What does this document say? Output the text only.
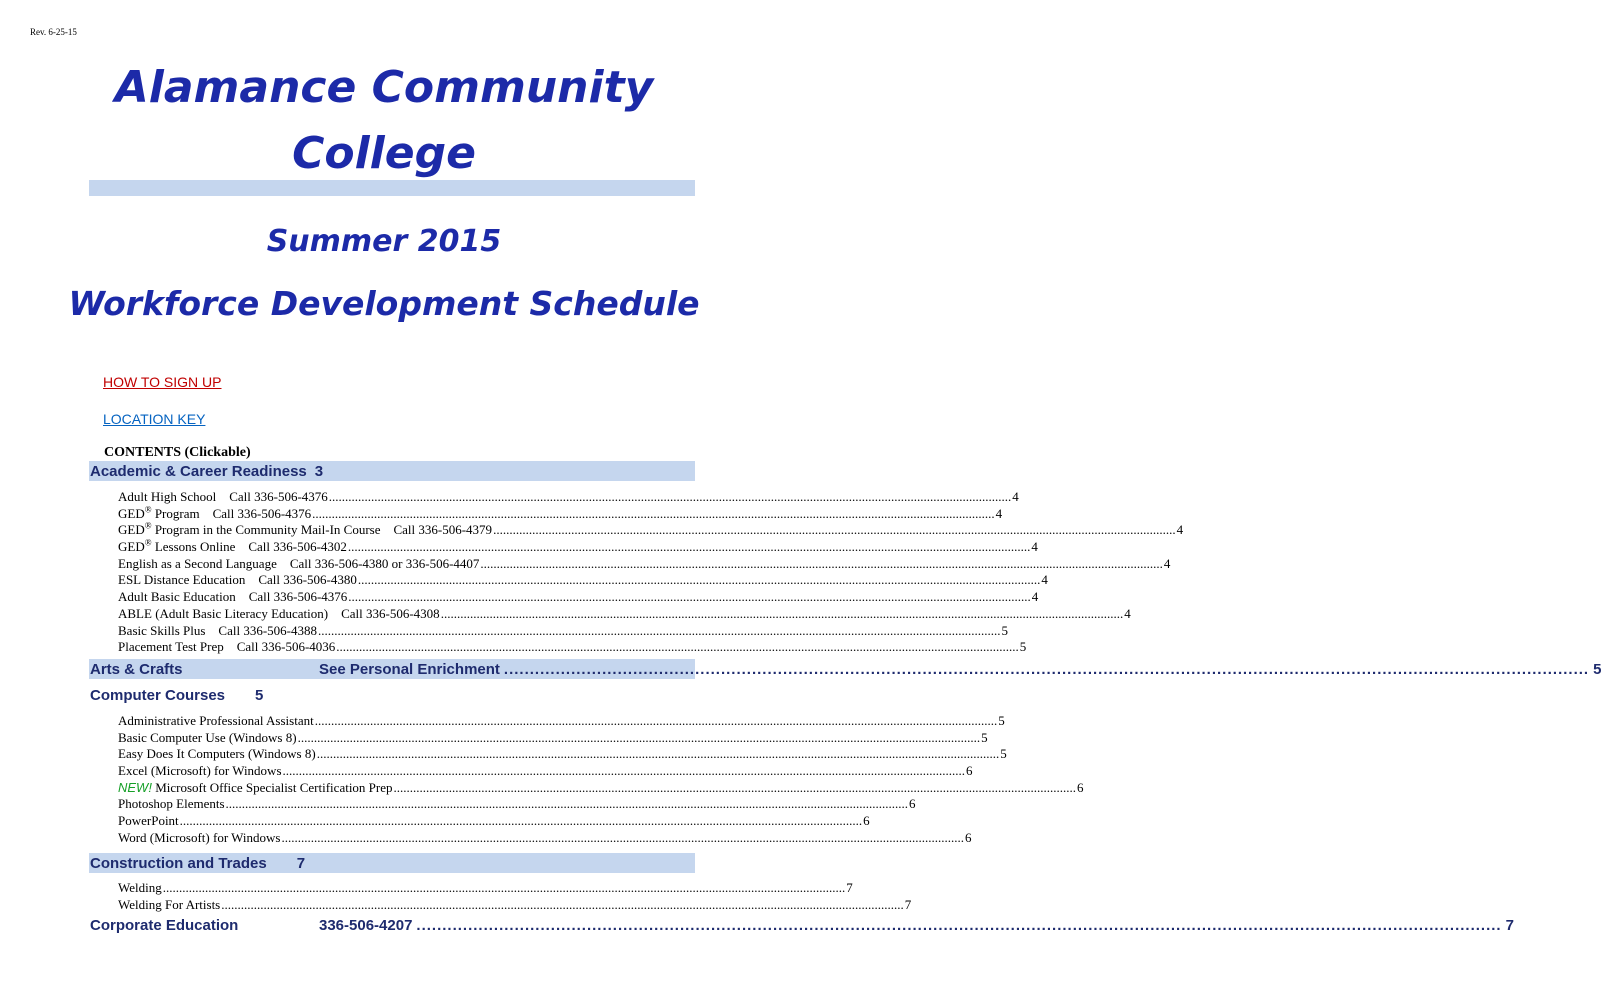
Rev. 6-25-15
Alamance Community
College
Summer 2015
Workforce Development Schedule
HOW TO SIGN UP
LOCATION KEY
CONTENTS (Clickable)
Academic & Career Readiness 3
Adult High School    Call 336-506-4376 .................................................................................................................................................................................................................. 4
GED® Program    Call 336-506-4376 .................................................................................................................................................................................................................. 4
GED® Program in the Community Mail-In Course    Call 336-506-4379 .................................................................................................................................................................................................................. 4
GED® Lessons Online    Call 336-506-4302 .................................................................................................................................................................................................................. 4
English as a Second Language    Call 336-506-4380 or 336-506-4407 .................................................................................................................................................................................................................. 4
ESL Distance Education    Call 336-506-4380 .................................................................................................................................................................................................................. 4
Adult Basic Education    Call 336-506-4376 .................................................................................................................................................................................................................. 4
ABLE (Adult Basic Literacy Education)    Call 336-506-4308 .................................................................................................................................................................................................................. 4
Basic Skills Plus    Call 336-506-4388 .................................................................................................................................................................................................................. 5
Placement Test Prep    Call 336-506-4036 .................................................................................................................................................................................................................. 5
Arts & Crafts	See Personal Enrichment .................................................................................................................................................................................................................. 5
Computer Courses 5
Administrative Professional Assistant .................................................................................................................................................................................................................. 5
Basic Computer Use (Windows 8) .................................................................................................................................................................................................................. 5
Easy Does It Computers (Windows 8) .................................................................................................................................................................................................................. 5
Excel (Microsoft) for Windows .................................................................................................................................................................................................................. 6
NEW! Microsoft Office Specialist Certification Prep .................................................................................................................................................................................................................. 6
Photoshop Elements .................................................................................................................................................................................................................. 6
PowerPoint .................................................................................................................................................................................................................. 6
Word (Microsoft) for Windows .................................................................................................................................................................................................................. 6
Construction and Trades 7
Welding .................................................................................................................................................................................................................. 7
Welding For Artists .................................................................................................................................................................................................................. 7
Corporate Education	336-506-4207 .................................................................................................................................................................................................................. 7
